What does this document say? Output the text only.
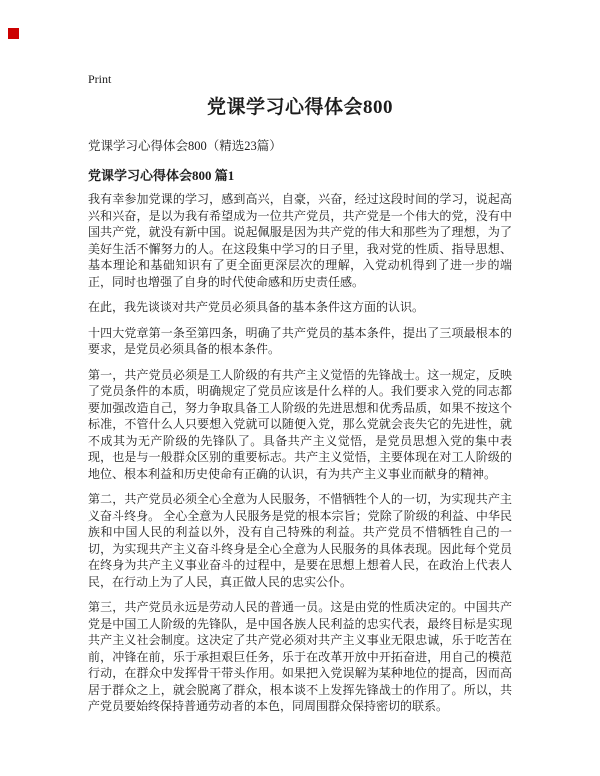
Print
党课学习心得体会800
党课学习心得体会800（精选23篇）
党课学习心得体会800 篇1

我有幸参加党课的学习，感到高兴，自豪，兴奋，经过这段时间的学习，说起高兴和兴奋，是以为我有希望成为一位共产党员，共产党是一个伟大的党，没有中国共产党，就没有新中国。说起佩服是因为共产党的伟大和那些为了理想，为了美好生活不懈努力的人。在这段集中学习的日子里，我对党的性质、指导思想、基本理论和基础知识有了更全面更深层次的理解，入党动机得到了进一步的端正，同时也增强了自身的时代使命感和历史责任感。

在此，我先谈谈对共产党员必须具备的基本条件这方面的认识。

十四大党章第一条至第四条，明确了共产党员的基本条件，提出了三项最根本的要求，是党员必须具备的根本条件。

第一，共产党员必须是工人阶级的有共产主义觉悟的先锋战士。这一规定，反映了党员条件的本质，明确规定了党员应该是什么样的人。我们要求入党的同志都要加强改造自己，努力争取具备工人阶级的先进思想和优秀品质，如果不按这个标准，不管什么人只要想入党就可以随便入党，那么党就会丧失它的先进性，就不成其为无产阶级的先锋队了。具备共产主义觉悟，是党员思想入党的集中表现，也是与一般群众区别的重要标志。共产主义觉悟，主要体现在对工人阶级的地位、根本利益和历史使命有正确的认识，有为共产主义事业而献身的精神。

第二，共产党员必须全心全意为人民服务，不惜牺牲个人的一切，为实现共产主义奋斗终身。 全心全意为人民服务是党的根本宗旨；党除了阶级的利益、中华民族和中国人民的利益以外，没有自己特殊的利益。共产党员不惜牺牲自己的一切，为实现共产主义奋斗终身是全心全意为人民服务的具体表现。因此每个党员在终身为共产主义事业奋斗的过程中，是要在思想上想着人民，在政治上代表人民，在行动上为了人民，真正做人民的忠实公仆。

第三，共产党员永远是劳动人民的普通一员。这是由党的性质决定的。中国共产党是中国工人阶级的先锋队，是中国各族人民利益的忠实代表，最终目标是实现共产主义社会制度。这决定了共产党必须对共产主义事业无限忠诚，乐于吃苦在前，冲锋在前，乐于承担艰巨任务，乐于在改革开放中开拓奋进，用自己的模范行动，在群众中发挥骨干带头作用。如果把入党误解为某种地位的提高，因而高居于群众之上，就会脱离了群众，根本谈不上发挥先锋战士的作用了。所以，共产党员要始终保持普通劳动者的本色，同周围群众保持密切的联系。
